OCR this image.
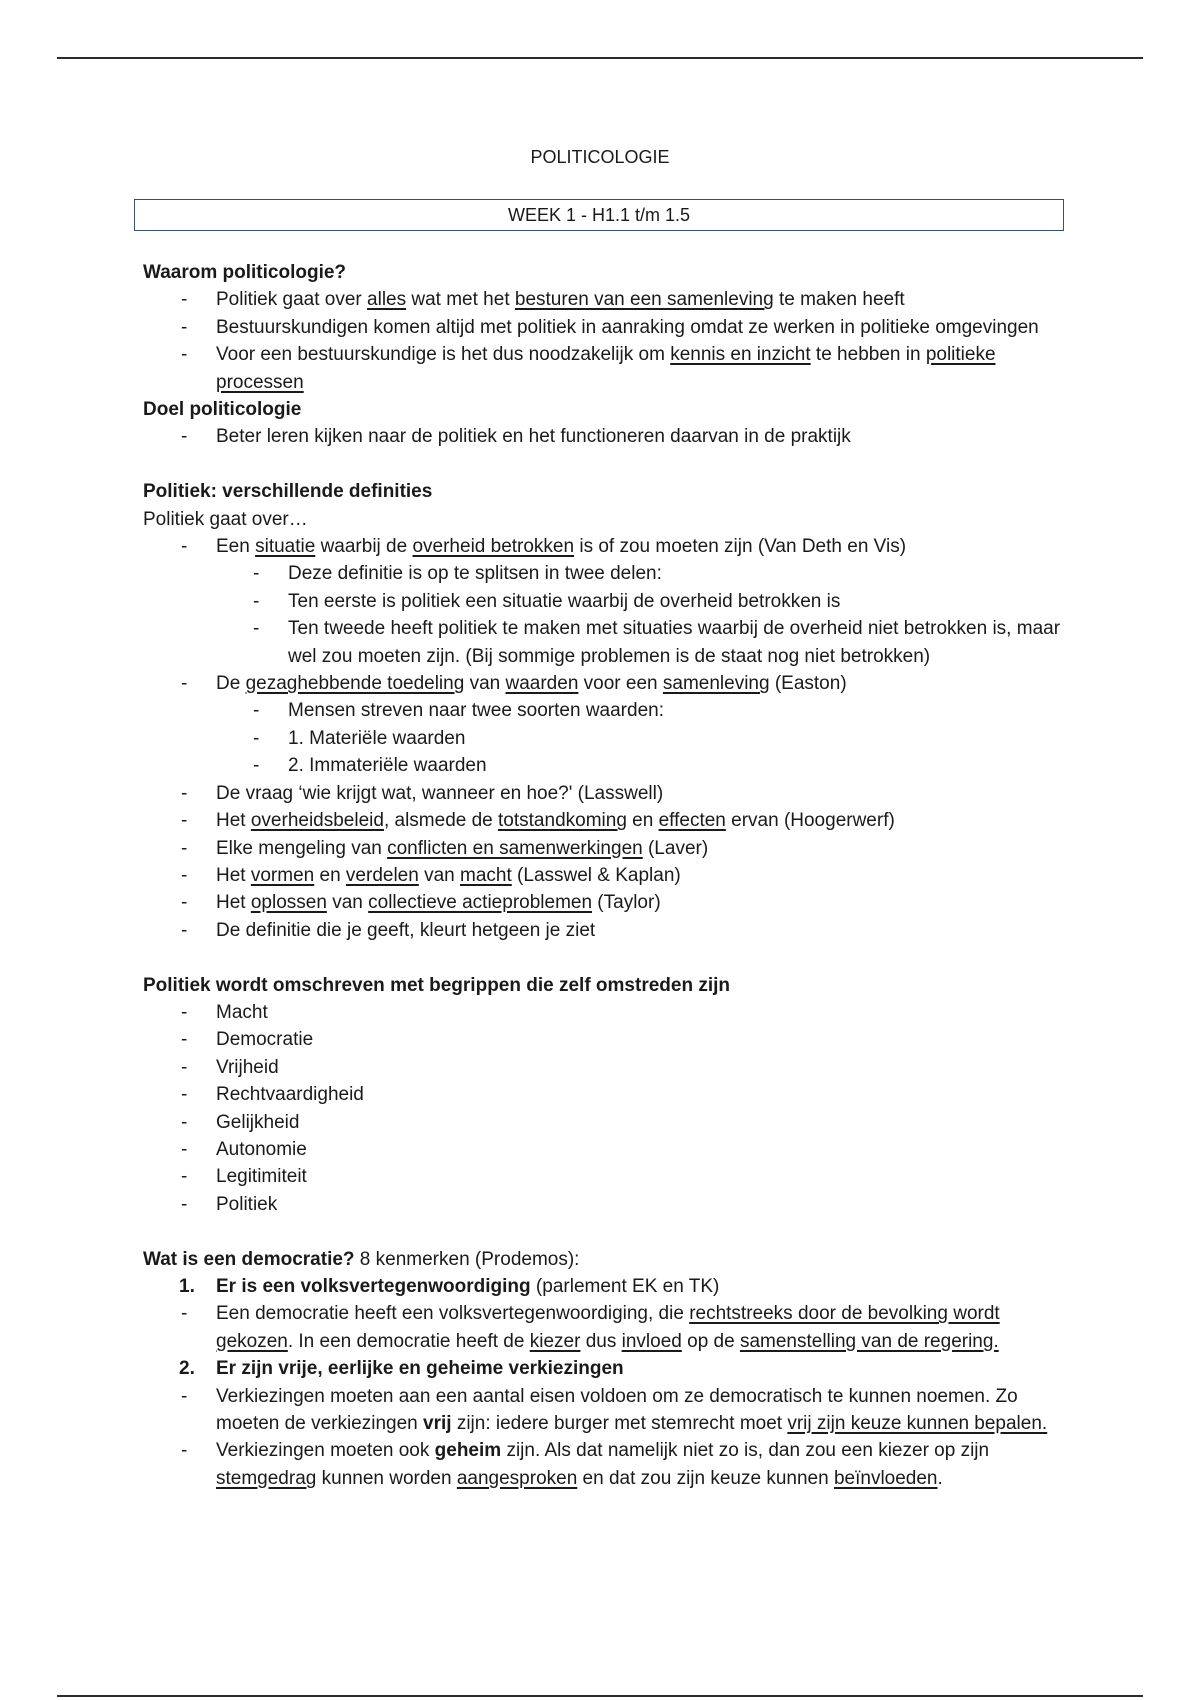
POLITICOLOGIE
WEEK 1 - H1.1 t/m 1.5

Waarom politicologie?

- Politiek gaat over alles wat met het besturen van een samenleving te maken heeft
- Bestuurskundigen komen altijd met politiek in aanraking omdat ze werken in politieke omgevingen
- Voor een bestuurskundige is het dus noodzakelijk om kennis en inzicht te hebben in politieke processen

Doel politicologie

- Beter leren kijken naar de politiek en het functioneren daarvan in de praktijk

Politiek: verschillende definities

Politiek gaat over…

- Een situatie waarbij de overheid betrokken is of zou moeten zijn (Van Deth en Vis)
- Deze definitie is op te splitsen in twee delen:
- Ten eerste is politiek een situatie waarbij de overheid betrokken is
- Ten tweede heeft politiek te maken met situaties waarbij de overheid niet betrokken is, maar wel zou moeten zijn. (Bij sommige problemen is de staat nog niet betrokken)
- De gezaghebbende toedeling van waarden voor een samenleving (Easton)
- Mensen streven naar twee soorten waarden:
- 1. Materiële waarden
- 2. Immateriële waarden
- De vraag ‘wie krijgt wat, wanneer en hoe?' (Lasswell)
- Het overheidsbeleid, alsmede de totstandkoming en effecten ervan (Hoogerwerf)
- Elke mengeling van conflicten en samenwerkingen (Laver)
- Het vormen en verdelen van macht (Lasswel & Kaplan)
- Het oplossen van collectieve actieproblemen (Taylor)
- De definitie die je geeft, kleurt hetgeen je ziet

Politiek wordt omschreven met begrippen die zelf omstreden zijn

- Macht
- Democratie
- Vrijheid
- Rechtvaardigheid
- Gelijkheid
- Autonomie
- Legitimiteit
- Politiek

Wat is een democratie? 8 kenmerken (Prodemos):

1. Er is een volksvertegenwoordiging (parlement EK en TK)
- Een democratie heeft een volksvertegenwoordiging, die rechtstreeks door de bevolking wordt gekozen. In een democratie heeft de kiezer dus invloed op de samenstelling van de regering.
2. Er zijn vrije, eerlijke en geheime verkiezingen
- Verkiezingen moeten aan een aantal eisen voldoen om ze democratisch te kunnen noemen. Zo moeten de verkiezingen vrij zijn: iedere burger met stemrecht moet vrij zijn keuze kunnen bepalen.
- Verkiezingen moeten ook geheim zijn. Als dat namelijk niet zo is, dan zou een kiezer op zijn stemgedrag kunnen worden aangesproken en dat zou zijn keuze kunnen beïnvloeden.
